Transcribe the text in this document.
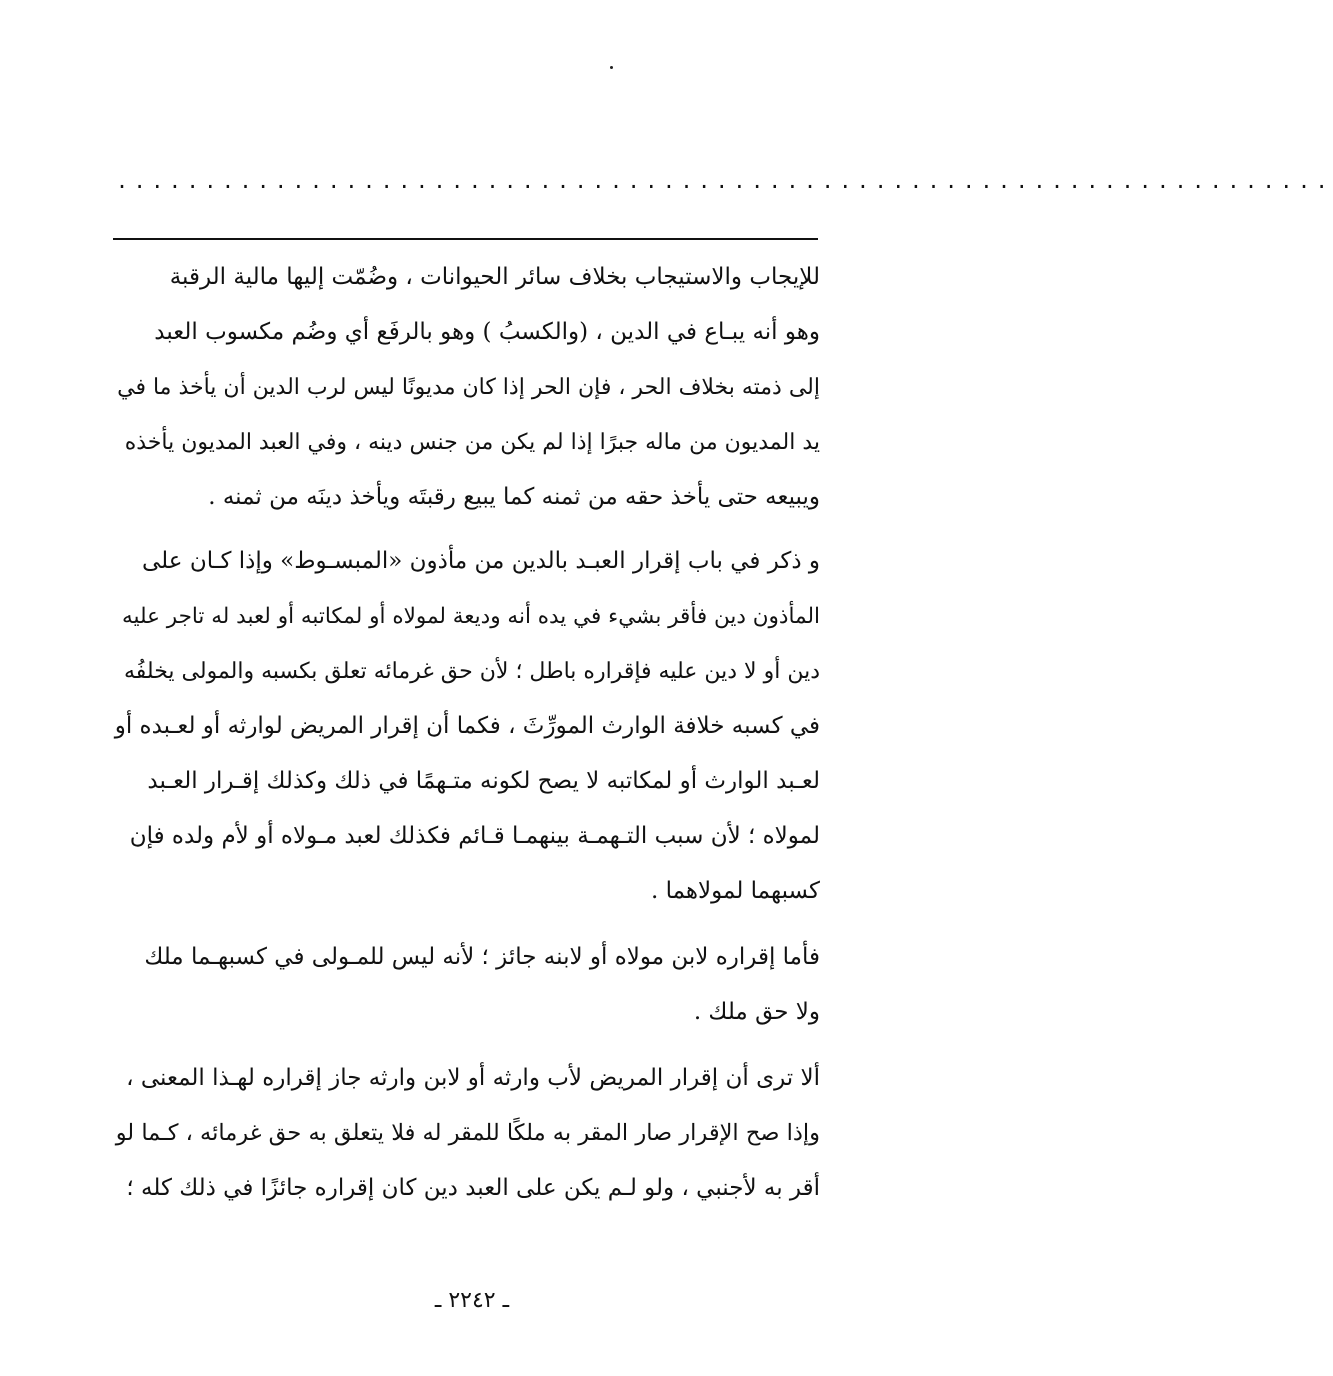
.....................................................................

للإيجاب والاستيجاب بخلاف سائر الحيوانات ، وضُمّت إليها مالية الرقبة
وهو أنه يبـاع في الدين ، (والكسبُ ) وهو بالرفَع أي وضُم مكسوب العبد
إلى ذمته بخلاف الحر ، فإن الحر إذا كان مديونًا ليس لرب الدين أن يأخذ ما في
يد المديون من ماله جبرًا إذا لم يكن من جنس دينه ، وفي العبد المديون يأخذه
ويبيعه حتى يأخذ حقه من ثمنه كما يبيع رقبتَه ويأخذ دينَه من ثمنه .

و ذكر في باب إقرار العبـد بالدين من مأذون «المبسـوط» وإذا كـان على
المأذون دين فأقر بشيء في يده أنه وديعة لمولاه أو لمكاتبه أو لعبد له تاجر عليه
دين أو لا دين عليه فإقراره باطل ؛ لأن حق غرمائه تعلق بكسبه والمولى يخلفُه
في كسبه خلافة الوارث المورِّثَ ، فكما أن إقرار المريض لوارثه أو لعـبده أو
لعـبد الوارث أو لمكاتبه لا يصح لكونه متـهمًا في ذلك وكذلك إقـرار العـبد
لمولاه ؛ لأن سبب التـهمـة بينهمـا قـائم فكذلك لعبد مـولاه أو لأم ولده فإن
كسبهما لمولاهما .

فأما إقراره لابن مولاه أو لابنه جائز ؛ لأنه ليس للمـولى في كسبهـما ملك
ولا حق ملك .

ألا ترى أن إقرار المريض لأب وارثه أو لابن وارثه جاز إقراره لهـذا المعنى ،
وإذا صح الإقرار صار المقر به ملكًا للمقر له فلا يتعلق به حق غرمائه ، كـما لو
أقر به لأجنبي ، ولو لـم يكن على العبد دين كان إقراره جائزًا في ذلك كله ؛

ـ ٢٢٤٢ ـ
